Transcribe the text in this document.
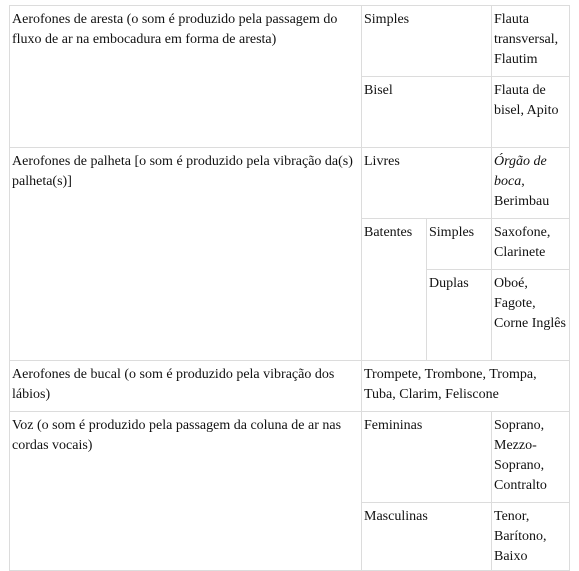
Aerofones de aresta (o som é produzido pela passagem do fluxo de ar na embocadura em forma de aresta)	Simples		Flauta transversal, Flautim
	Bisel		Flauta de bisel, Apito
Aerofones de palheta [o som é produzido pela vibração da(s) palheta(s)]	Livres		Órgão de boca, Berimbau
	Batentes	Simples	Saxofone, Clarinete
		Duplas	Oboé, Fagote, Corne Inglês
Aerofones de bucal (o som é produzido pela vibração dos lábios)	Trompete, Trombone, Trompa, Tuba, Clarim, Feliscone		
Voz (o som é produzido pela passagem da coluna de ar nas cordas vocais)	Femininas		Soprano, Mezzo-Soprano, Contralto
	Masculinas		Tenor, Barítono, Baixo
